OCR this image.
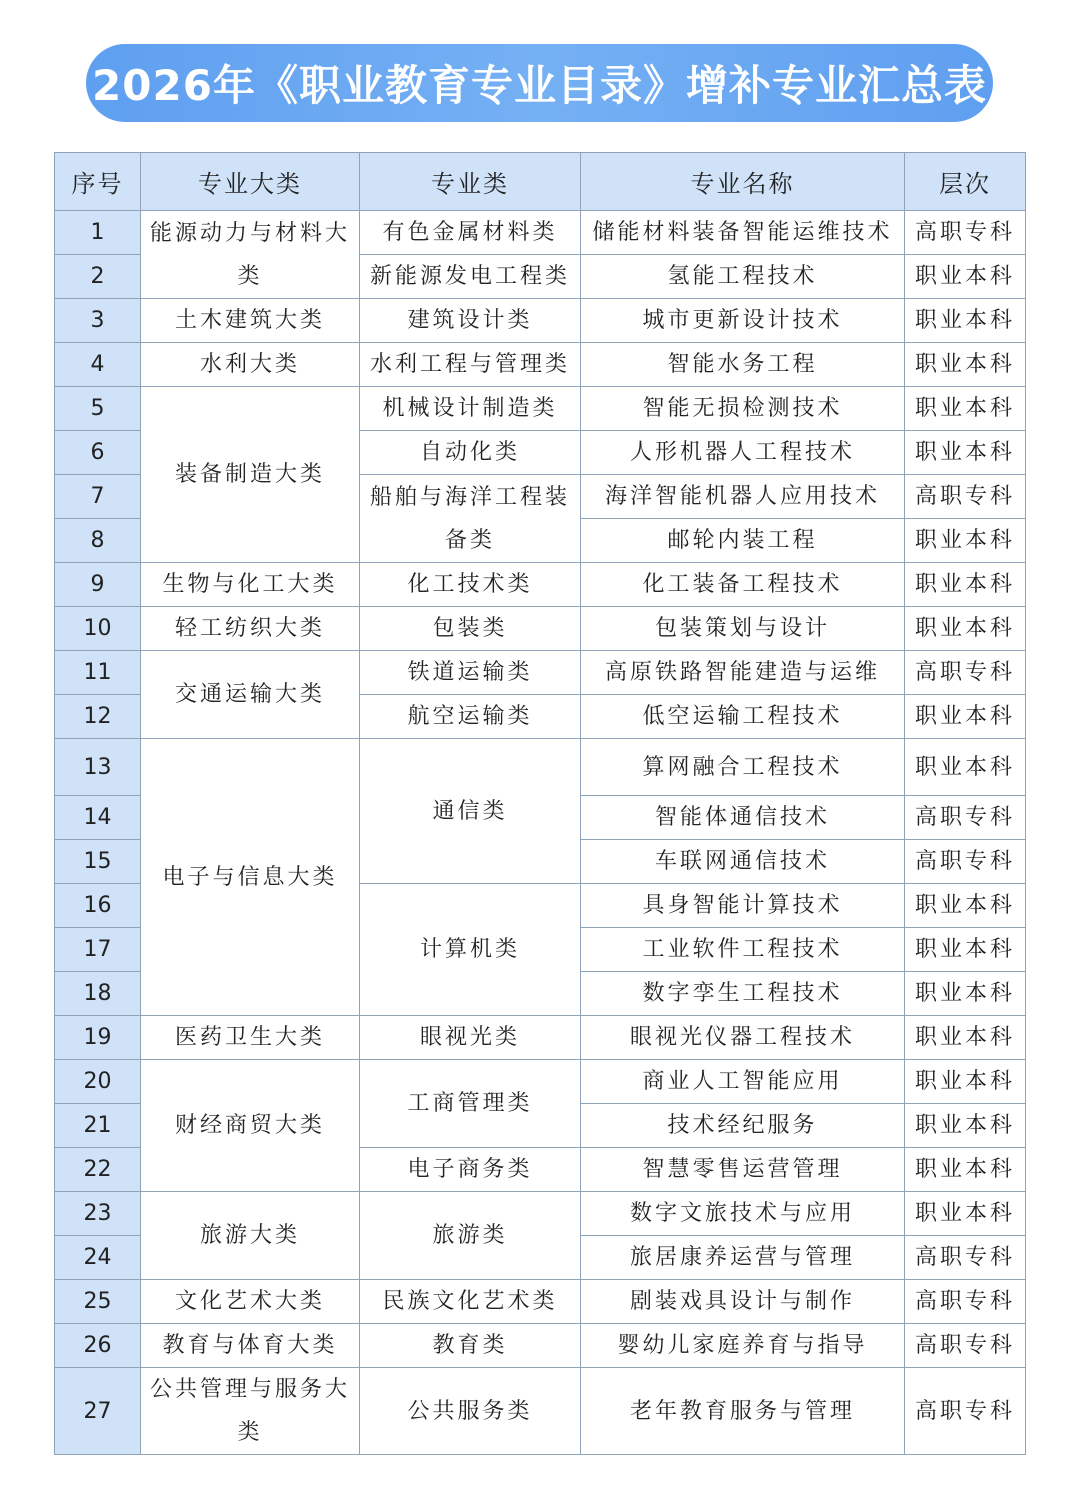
2026年《职业教育专业目录》增补专业汇总表
序号	专业大类	专业类	专业名称	层次
1	能源动力与材料大类	有色金属材料类	储能材料装备智能运维技术	高职专科
2		新能源发电工程类	氢能工程技术	职业本科
3	土木建筑大类	建筑设计类	城市更新设计技术	职业本科
4	水利大类	水利工程与管理类	智能水务工程	职业本科
5	装备制造大类	机械设计制造类	智能无损检测技术	职业本科
6		自动化类	人形机器人工程技术	职业本科
7		船舶与海洋工程装备类	海洋智能机器人应用技术	高职专科
8			邮轮内装工程	职业本科
9	生物与化工大类	化工技术类	化工装备工程技术	职业本科
10	轻工纺织大类	包装类	包装策划与设计	职业本科
11	交通运输大类	铁道运输类	高原铁路智能建造与运维	高职专科
12		航空运输类	低空运输工程技术	职业本科
13	电子与信息大类	通信类	算网融合工程技术	职业本科
14			智能体通信技术	高职专科
15			车联网通信技术	高职专科
16		计算机类	具身智能计算技术	职业本科
17			工业软件工程技术	职业本科
18			数字孪生工程技术	职业本科
19	医药卫生大类	眼视光类	眼视光仪器工程技术	职业本科
20	财经商贸大类	工商管理类	商业人工智能应用	职业本科
21			技术经纪服务	职业本科
22		电子商务类	智慧零售运营管理	职业本科
23	旅游大类	旅游类	数字文旅技术与应用	职业本科
24			旅居康养运营与管理	高职专科
25	文化艺术大类	民族文化艺术类	剧装戏具设计与制作	高职专科
26	教育与体育大类	教育类	婴幼儿家庭养育与指导	高职专科
27	公共管理与服务大类	公共服务类	老年教育服务与管理	高职专科
